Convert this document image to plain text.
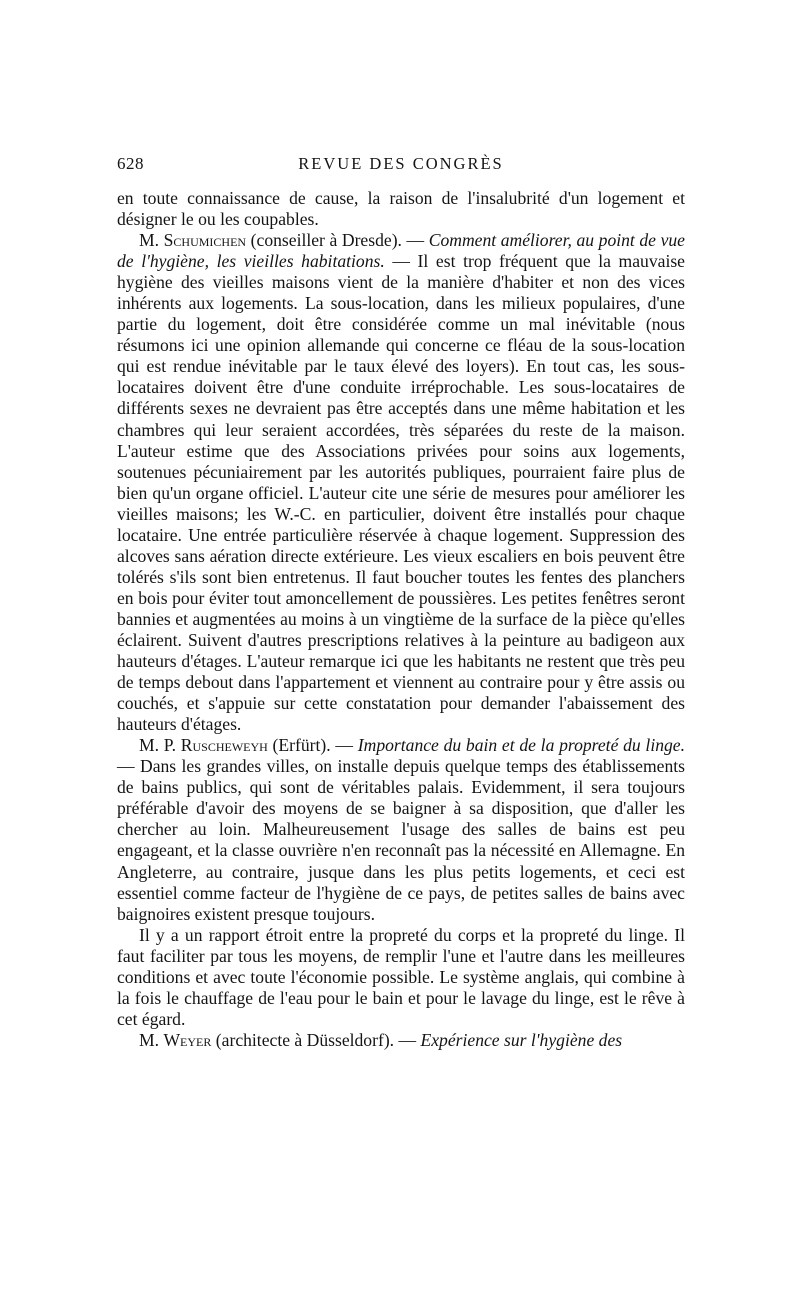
628	REVUE DES CONGRÈS

en toute connaissance de cause, la raison de l'insalubrité d'un logement et désigner le ou les coupables.

M. Schumichen (conseiller à Dresde). — Comment améliorer, au point de vue de l'hygiène, les vieilles habitations. — Il est trop fréquent que la mauvaise hygiène des vieilles maisons vient de la manière d'habiter et non des vices inhérents aux logements. La sous-location, dans les milieux populaires, d'une partie du logement, doit être considérée comme un mal inévitable (nous résumons ici une opinion allemande qui concerne ce fléau de la sous-location qui est rendue inévitable par le taux élevé des loyers). En tout cas, les sous-locataires doivent être d'une conduite irréprochable. Les sous-locataires de différents sexes ne devraient pas être acceptés dans une même habitation et les chambres qui leur seraient accordées, très séparées du reste de la maison. L'auteur estime que des Associations privées pour soins aux logements, soutenues pécuniairement par les autorités publiques, pourraient faire plus de bien qu'un organe officiel. L'auteur cite une série de mesures pour améliorer les vieilles maisons; les W.-C. en particulier, doivent être installés pour chaque locataire. Une entrée particulière réservée à chaque logement. Suppression des alcoves sans aération directe extérieure. Les vieux escaliers en bois peuvent être tolérés s'ils sont bien entretenus. Il faut boucher toutes les fentes des planchers en bois pour éviter tout amoncellement de poussières. Les petites fenêtres seront bannies et augmentées au moins à un vingtième de la surface de la pièce qu'elles éclairent. Suivent d'autres prescriptions relatives à la peinture au badigeon aux hauteurs d'étages. L'auteur remarque ici que les habitants ne restent que très peu de temps debout dans l'appartement et viennent au contraire pour y être assis ou couchés, et s'appuie sur cette constatation pour demander l'abaissement des hauteurs d'étages.

M. P. Ruscheweyh (Erfürt). — Importance du bain et de la propreté du linge. — Dans les grandes villes, on installe depuis quelque temps des établissements de bains publics, qui sont de véritables palais. Evidemment, il sera toujours préférable d'avoir des moyens de se baigner à sa disposition, que d'aller les chercher au loin. Malheureusement l'usage des salles de bains est peu engageant, et la classe ouvrière n'en reconnaît pas la nécessité en Allemagne. En Angleterre, au contraire, jusque dans les plus petits logements, et ceci est essentiel comme facteur de l'hygiène de ce pays, de petites salles de bains avec baignoires existent presque toujours.

Il y a un rapport étroit entre la propreté du corps et la propreté du linge. Il faut faciliter par tous les moyens, de remplir l'une et l'autre dans les meilleures conditions et avec toute l'économie possible. Le système anglais, qui combine à la fois le chauffage de l'eau pour le bain et pour le lavage du linge, est le rêve à cet égard.

M. Weyer (architecte à Düsseldorf). — Expérience sur l'hygiène des
